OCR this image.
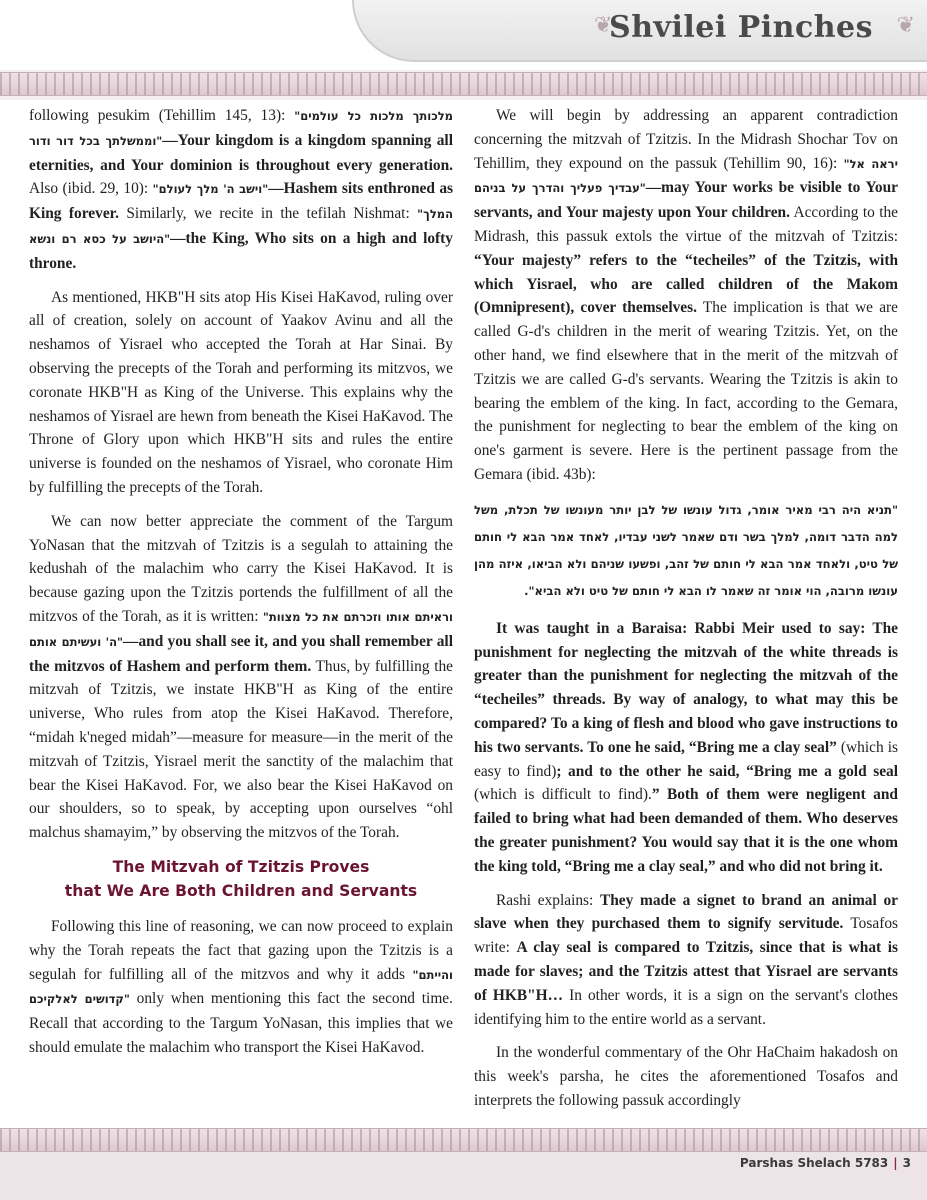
❦
Shvilei Pinches ❦

following pesukim (Tehillim 145, 13): "מלכותך מלכות כל עולמים וממשלתך בכל דור ודור"—Your kingdom is a kingdom spanning all eternities, and Your dominion is throughout every generation. Also (ibid. 29, 10): "וישב ה' מלך לעולם"—Hashem sits enthroned as King forever. Similarly, we recite in the tefilah Nishmat: "המלך היושב על כסא רם ונשא"—the King, Who sits on a high and lofty throne.

As mentioned, HKB"H sits atop His Kisei HaKavod, ruling over all of creation, solely on account of Yaakov Avinu and all the neshamos of Yisrael who accepted the Torah at Har Sinai. By observing the precepts of the Torah and performing its mitzvos, we coronate HKB"H as King of the Universe. This explains why the neshamos of Yisrael are hewn from beneath the Kisei HaKavod. The Throne of Glory upon which HKB"H sits and rules the entire universe is founded on the neshamos of Yisrael, who coronate Him by fulfilling the precepts of the Torah.

We can now better appreciate the comment of the Targum YoNasan that the mitzvah of Tzitzis is a segulah to attaining the kedushah of the malachim who carry the Kisei HaKavod. It is because gazing upon the Tzitzis portends the fulfillment of all the mitzvos of the Torah, as it is written: "וראיתם אותו וזכרתם את כל מצוות ה' ועשיתם אותם"—and you shall see it, and you shall remember all the mitzvos of Hashem and perform them. Thus, by fulfilling the mitzvah of Tzitzis, we instate HKB"H as King of the entire universe, Who rules from atop the Kisei HaKavod. Therefore, “midah k'neged midah”—measure for measure—in the merit of the mitzvah of Tzitzis, Yisrael merit the sanctity of the malachim that bear the Kisei HaKavod. For, we also bear the Kisei HaKavod on our shoulders, so to speak, by accepting upon ourselves “ohl malchus shamayim,” by observing the mitzvos of the Torah.

The Mitzvah of Tzitzis Proves
that We Are Both Children and Servants

Following this line of reasoning, we can now proceed to explain why the Torah repeats the fact that gazing upon the Tzitzis is a segulah for fulfilling all of the mitzvos and why it adds "והייתם קדושים לאלקיכם" only when mentioning this fact the second time. Recall that according to the Targum YoNasan, this implies that we should emulate the malachim who transport the Kisei HaKavod.

We will begin by addressing an apparent contradiction concerning the mitzvah of Tzitzis. In the Midrash Shochar Tov on Tehillim, they expound on the passuk (Tehillim 90, 16): "יראה אל עבדיך פעליך והדרך על בניהם"—may Your works be visible to Your servants, and Your majesty upon Your children. According to the Midrash, this passuk extols the virtue of the mitzvah of Tzitzis: “Your majesty” refers to the “techeiles” of the Tzitzis, with which Yisrael, who are called children of the Makom (Omnipresent), cover themselves. The implication is that we are called G-d's children in the merit of wearing Tzitzis. Yet, on the other hand, we find elsewhere that in the merit of the mitzvah of Tzitzis we are called G-d's servants. Wearing the Tzitzis is akin to bearing the emblem of the king. In fact, according to the Gemara, the punishment for neglecting to bear the emblem of the king on one's garment is severe. Here is the pertinent passage from the Gemara (ibid. 43b):

"תניא היה רבי מאיר אומר, גדול עונשו של לבן יותר מעונשו של תכלת, משל למה הדבר דומה, למלך בשר ודם שאמר לשני עבדיו, לאחד אמר הבא לי חותם של טיט, ולאחד אמר הבא לי חותם של זהב, ופשעו שניהם ולא הביאו, איזה מהן עונשו מרובה, הוי אומר זה שאמר לו הבא לי חותם של טיט ולא הביא".

It was taught in a Baraisa: Rabbi Meir used to say: The punishment for neglecting the mitzvah of the white threads is greater than the punishment for neglecting the mitzvah of the “techeiles” threads. By way of analogy, to what may this be compared? To a king of flesh and blood who gave instructions to his two servants. To one he said, “Bring me a clay seal” (which is easy to find); and to the other he said, “Bring me a gold seal (which is difficult to find).” Both of them were negligent and failed to bring what had been demanded of them. Who deserves the greater punishment? You would say that it is the one whom the king told, “Bring me a clay seal,” and who did not bring it.

Rashi explains: They made a signet to brand an animal or slave when they purchased them to signify servitude. Tosafos write: A clay seal is compared to Tzitzis, since that is what is made for slaves; and the Tzitzis attest that Yisrael are servants of HKB"H… In other words, it is a sign on the servant's clothes identifying him to the entire world as a servant.

In the wonderful commentary of the Ohr HaChaim hakadosh on this week's parsha, he cites the aforementioned Tosafos and interprets the following passuk accordingly

Parshas Shelach 5783 | 3
